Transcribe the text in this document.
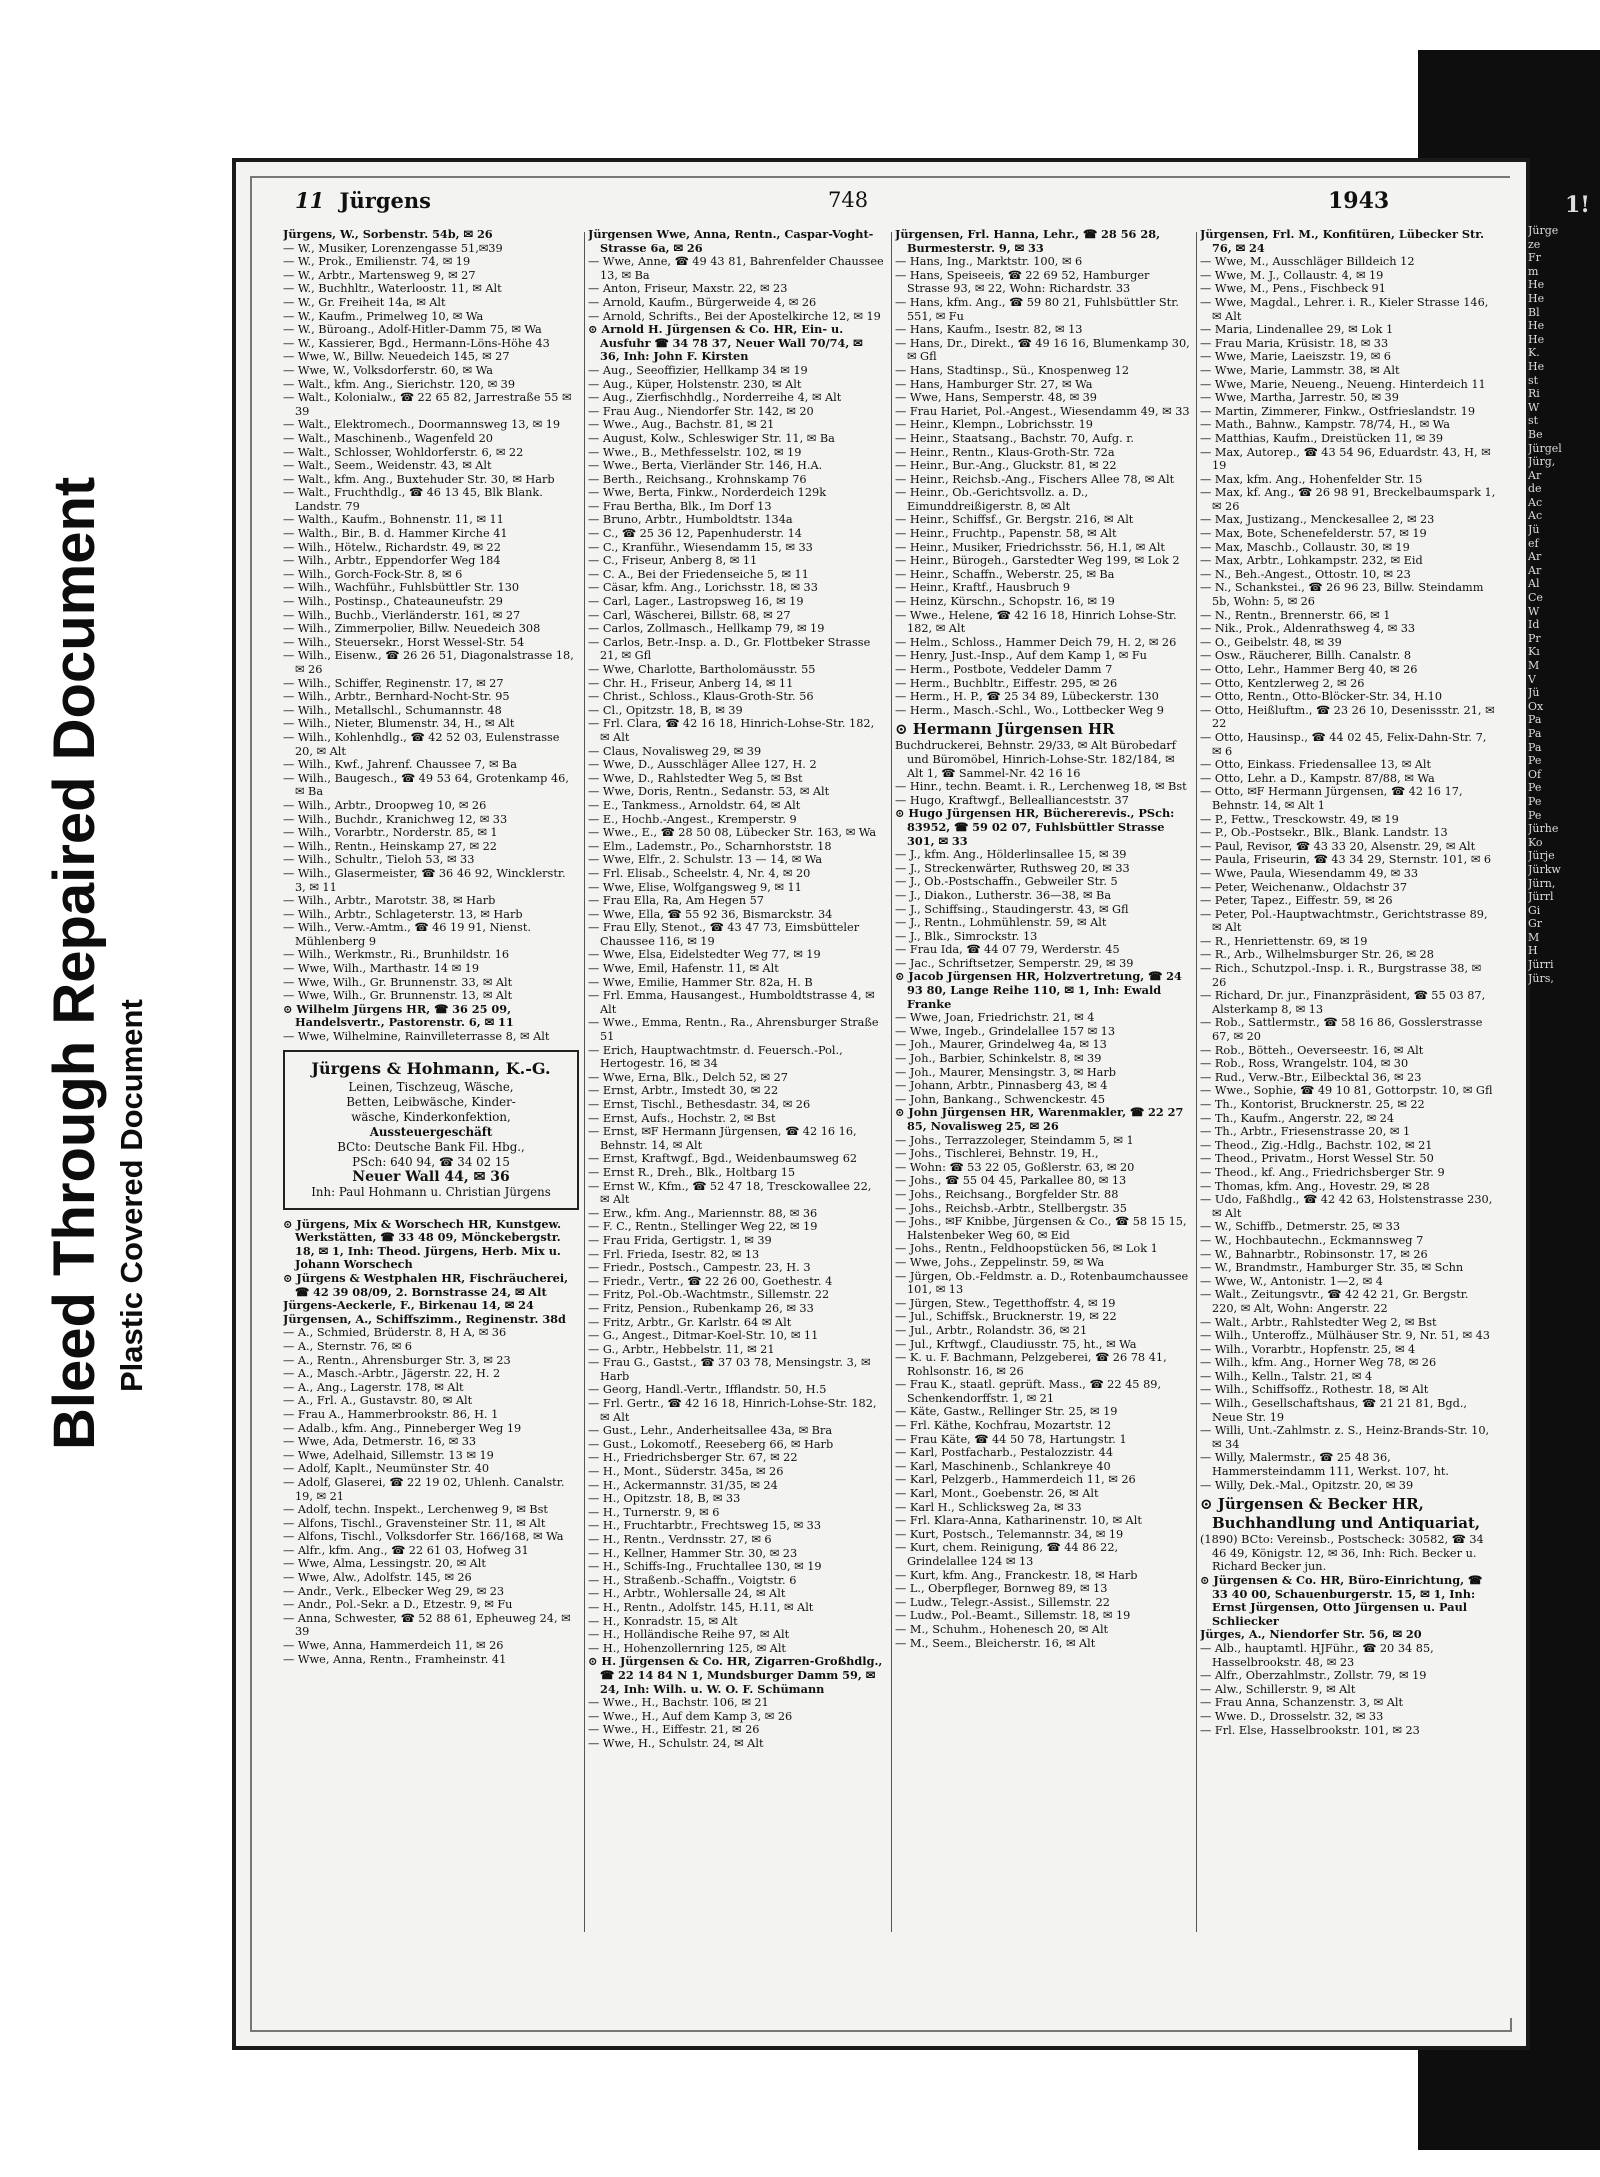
Bleed Through Repaired Document Plastic Covered Document
11 Jürgens	748	1943

Jürgens, W., Sorbenstr. 54b, ✉ 26

— W., Musiker, Lorenzengasse 51,✉39

— W., Prok., Emilienstr. 74, ✉ 19

— W., Arbtr., Martensweg 9, ✉ 27

— W., Buchhltr., Waterloostr. 11, ✉ Alt

— W., Gr. Freiheit 14a, ✉ Alt

— W., Kaufm., Primelweg 10, ✉ Wa

— W., Büroang., Adolf-Hitler-Damm 75, ✉ Wa

— W., Kassierer, Bgd., Hermann-Löns-Höhe 43

— Wwe, W., Billw. Neuedeich 145, ✉ 27

— Wwe, W., Volksdorferstr. 60, ✉ Wa

— Walt., kfm. Ang., Sierichstr. 120, ✉ 39

— Walt., Kolonialw., ☎ 22 65 82, Jarrestraße 55 ✉ 39

— Walt., Elektromech., Doormannsweg 13, ✉ 19

— Walt., Maschinenb., Wagenfeld 20

— Walt., Schlosser, Wohldorferstr. 6, ✉ 22

— Walt., Seem., Weidenstr. 43, ✉ Alt

— Walt., kfm. Ang., Buxtehuder Str. 30, ✉ Harb

— Walt., Fruchthdlg., ☎ 46 13 45, Blk Blank. Landstr. 79

— Walth., Kaufm., Bohnenstr. 11, ✉ 11

— Walth., Bir., B. d. Hammer Kirche 41

— Wilh., Hötelw., Richardstr. 49, ✉ 22

— Wilh., Arbtr., Eppendorfer Weg 184

— Wilh., Gorch-Fock-Str. 8, ✉ 6

— Wilh., Wachführ., Fuhlsbüttler Str. 130

— Wilh., Postinsp., Chateauneufstr. 29

— Wilh., Buchb., Vierländerstr. 161, ✉ 27

— Wilh., Zimmerpolier, Billw. Neuedeich 308

— Wilh., Steuersekr., Horst Wessel-Str. 54

— Wilh., Eisenw., ☎ 26 26 51, Diagonalstrasse 18, ✉ 26

— Wilh., Schiffer, Reginenstr. 17, ✉ 27

— Wilh., Arbtr., Bernhard-Nocht-Str. 95

— Wilh., Metallschl., Schumannstr. 48

— Wilh., Nieter, Blumenstr. 34, H., ✉ Alt

— Wilh., Kohlenhdlg., ☎ 42 52 03, Eulenstrasse 20, ✉ Alt

— Wilh., Kwf., Jahrenf. Chaussee 7, ✉ Ba

— Wilh., Baugesch., ☎ 49 53 64, Grotenkamp 46, ✉ Ba

— Wilh., Arbtr., Droopweg 10, ✉ 26

— Wilh., Buchdr., Kranichweg 12, ✉ 33

— Wilh., Vorarbtr., Norderstr. 85, ✉ 1

— Wilh., Rentn., Heinskamp 27, ✉ 22

— Wilh., Schultr., Tieloh 53, ✉ 33

— Wilh., Glasermeister, ☎ 36 46 92, Wincklerstr. 3, ✉ 11

— Wilh., Arbtr., Marotstr. 38, ✉ Harb

— Wilh., Arbtr., Schlageterstr. 13, ✉ Harb

— Wilh., Verw.-Amtm., ☎ 46 19 91, Nienst. Mühlenberg 9

— Wilh., Werkmstr., Ri., Brunhildstr. 16

— Wwe, Wilh., Marthastr. 14 ✉ 19

— Wwe, Wilh., Gr. Brunnenstr. 33, ✉ Alt

— Wwe, Wilh., Gr. Brunnenstr. 13, ✉ Alt

⊙ Wilhelm Jürgens HR, ☎ 36 25 09, Handelsvertr., Pastorenstr. 6, ✉ 11

— Wwe, Wilhelmine, Rainvilleterrasse 8, ✉ Alt

Jürgens & Hohmann, K.-G.
Leinen, Tischzeug, Wäsche,
Betten, Leibwäsche, Kinder-
wäsche, Kinderkonfektion,
Aussteuergeschäft
BCto: Deutsche Bank Fil. Hbg.,
PSch: 640 94, ☎ 34 02 15
Neuer Wall 44, ✉ 36
Inh: Paul Hohmann u. Christian Jürgens

⊙ Jürgens, Mix & Worschech HR, Kunstgew. Werkstätten, ☎ 33 48 09, Mönckebergstr. 18, ✉ 1, Inh: Theod. Jürgens, Herb. Mix u. Johann Worschech

⊙ Jürgens & Westphalen HR, Fischräucherei, ☎ 42 39 08/09, 2. Bornstrasse 24, ✉ Alt

Jürgens-Aeckerle, F., Birkenau 14, ✉ 24

Jürgensen, A., Schiffszimm., Reginenstr. 38d

— A., Schmied, Brüderstr. 8, H A, ✉ 36

— A., Sternstr. 76, ✉ 6

— A., Rentn., Ahrensburger Str. 3, ✉ 23

— A., Masch.-Arbtr., Jägerstr. 22, H. 2

— A., Ang., Lagerstr. 178, ✉ Alt

— A., Frl. A., Gustavstr. 80, ✉ Alt

— Frau A., Hammerbrookstr. 86, H. 1

— Adalb., kfm. Ang., Pinneberger Weg 19

— Wwe, Ada, Detmerstr. 16, ✉ 33

— Wwe, Adelhaid, Sillemstr. 13 ✉ 19

— Adolf, Kaplt., Neumünster Str. 40

— Adolf, Glaserei, ☎ 22 19 02, Uhlenh. Canalstr. 19, ✉ 21

— Adolf, techn. Inspekt., Lerchenweg 9, ✉ Bst

— Alfons, Tischl., Gravensteiner Str. 11, ✉ Alt

— Alfons, Tischl., Volksdorfer Str. 166/168, ✉ Wa

— Alfr., kfm. Ang., ☎ 22 61 03, Hofweg 31

— Wwe, Alma, Lessingstr. 20, ✉ Alt

— Wwe, Alw., Adolfstr. 145, ✉ 26

— Andr., Verk., Elbecker Weg 29, ✉ 23

— Andr., Pol.-Sekr. a D., Etzestr. 9, ✉ Fu

— Anna, Schwester, ☎ 52 88 61, Epheuweg 24, ✉ 39

— Wwe, Anna, Hammerdeich 11, ✉ 26

— Wwe, Anna, Rentn., Framheinstr. 41

Jürgensen Wwe, Anna, Rentn., Caspar-Voght-Strasse 6a, ✉ 26

— Wwe, Anne, ☎ 49 43 81, Bahrenfelder Chaussee 13, ✉ Ba

— Anton, Friseur, Maxstr. 22, ✉ 23

— Arnold, Kaufm., Bürgerweide 4, ✉ 26

— Arnold, Schrifts., Bei der Apostelkirche 12, ✉ 19

⊙ Arnold H. Jürgensen & Co. HR, Ein- u. Ausfuhr ☎ 34 78 37, Neuer Wall 70/74, ✉ 36, Inh: John F. Kirsten

— Aug., Seeoffizier, Hellkamp 34 ✉ 19

— Aug., Küper, Holstenstr. 230, ✉ Alt

— Aug., Zierfischhdlg., Norderreihe 4, ✉ Alt

— Frau Aug., Niendorfer Str. 142, ✉ 20

— Wwe., Aug., Bachstr. 81, ✉ 21

— August, Kolw., Schleswiger Str. 11, ✉ Ba

— Wwe., B., Methfesselstr. 102, ✉ 19

— Wwe., Berta, Vierländer Str. 146, H.A.

— Berth., Reichsang., Krohnskamp 76

— Wwe, Berta, Finkw., Norderdeich 129k

— Frau Bertha, Blk., Im Dorf 13

— Bruno, Arbtr., Humboldtstr. 134a

— C., ☎ 25 36 12, Papenhuderstr. 14

— C., Kranführ., Wiesendamm 15, ✉ 33

— C., Friseur, Anberg 8, ✉ 11

— C. A., Bei der Friedenseiche 5, ✉ 11

— Cäsar, kfm. Ang., Lorichsstr. 18, ✉ 33

— Carl, Lager., Lastropsweg 16, ✉ 19

— Carl, Wäscherei, Billstr. 68, ✉ 27

— Carlos, Zollmasch., Hellkamp 79, ✉ 19

— Carlos, Betr.-Insp. a. D., Gr. Flottbeker Strasse 21, ✉ Gfl

— Wwe, Charlotte, Bartholomäusstr. 55

— Chr. H., Friseur, Anberg 14, ✉ 11

— Christ., Schloss., Klaus-Groth-Str. 56

— Cl., Opitzstr. 18, B, ✉ 39

— Frl. Clara, ☎ 42 16 18, Hinrich-Lohse-Str. 182, ✉ Alt

— Claus, Novalisweg 29, ✉ 39

— Wwe, D., Ausschläger Allee 127, H. 2

— Wwe, D., Rahlstedter Weg 5, ✉ Bst

— Wwe, Doris, Rentn., Sedanstr. 53, ✉ Alt

— E., Tankmess., Arnoldstr. 64, ✉ Alt

— E., Hochb.-Angest., Kremperstr. 9

— Wwe., E., ☎ 28 50 08, Lübecker Str. 163, ✉ Wa

— Elm., Lademstr., Po., Scharnhorststr. 18

— Wwe, Elfr., 2. Schulstr. 13 — 14, ✉ Wa

— Frl. Elisab., Scheelstr. 4, Nr. 4, ✉ 20

— Wwe, Elise, Wolfgangsweg 9, ✉ 11

— Frau Ella, Ra, Am Hegen 57

— Wwe, Ella, ☎ 55 92 36, Bismarckstr. 34

— Frau Elly, Stenot., ☎ 43 47 73, Eimsbütteler Chaussee 116, ✉ 19

— Wwe, Elsa, Eidelstedter Weg 77, ✉ 19

— Wwe, Emil, Hafenstr. 11, ✉ Alt

— Wwe, Emilie, Hammer Str. 82a, H. B

— Frl. Emma, Hausangest., Humboldtstrasse 4, ✉ Alt

— Wwe., Emma, Rentn., Ra., Ahrensburger Straße 51

— Erich, Hauptwachtmstr. d. Feuersch.-Pol., Hertogestr. 16, ✉ 34

— Wwe, Erna, Blk., Delch 52, ✉ 27

— Ernst, Arbtr., Imstedt 30, ✉ 22

— Ernst, Tischl., Bethesdastr. 34, ✉ 26

— Ernst, Aufs., Hochstr. 2, ✉ Bst

— Ernst, ✉F Hermann Jürgensen, ☎ 42 16 16, Behnstr. 14, ✉ Alt

— Ernst, Kraftwgf., Bgd., Weidenbaumsweg 62

— Ernst R., Dreh., Blk., Holtbarg 15

— Ernst W., Kfm., ☎ 52 47 18, Tresckowallee 22, ✉ Alt

— Erw., kfm. Ang., Mariennstr. 88, ✉ 36

— F. C., Rentn., Stellinger Weg 22, ✉ 19

— Frau Frida, Gertigstr. 1, ✉ 39

— Frl. Frieda, Isestr. 82, ✉ 13

— Friedr., Postsch., Campestr. 23, H. 3

— Friedr., Vertr., ☎ 22 26 00, Goethestr. 4

— Fritz, Pol.-Ob.-Wachtmstr., Sillemstr. 22

— Fritz, Pension., Rubenkamp 26, ✉ 33

— Fritz, Arbtr., Gr. Karlstr. 64 ✉ Alt

— G., Angest., Ditmar-Koel-Str. 10, ✉ 11

— G., Arbtr., Hebbelstr. 11, ✉ 21

— Frau G., Gastst., ☎ 37 03 78, Mensingstr. 3, ✉ Harb

— Georg, Handl.-Vertr., Ifflandstr. 50, H.5

— Frl. Gertr., ☎ 42 16 18, Hinrich-Lohse-Str. 182, ✉ Alt

— Gust., Lehr., Anderheitsallee 43a, ✉ Bra

— Gust., Lokomotf., Reeseberg 66, ✉ Harb

— H., Friedrichsberger Str. 67, ✉ 22

— H., Mont., Süderstr. 345a, ✉ 26

— H., Ackermannstr. 31/35, ✉ 24

— H., Opitzstr. 18, B, ✉ 33

— H., Turnerstr. 9, ✉ 6

— H., Fruchtarbtr., Frechtsweg 15, ✉ 33

— H., Rentn., Verdnsstr. 27, ✉ 6

— H., Kellner, Hammer Str. 30, ✉ 23

— H., Schiffs-Ing., Fruchtallee 130, ✉ 19

— H., Straßenb.-Schaffn., Voigtstr. 6

— H., Arbtr., Wohlersalle 24, ✉ Alt

— H., Rentn., Adolfstr. 145, H.11, ✉ Alt

— H., Konradstr. 15, ✉ Alt

— H., Holländische Reihe 97, ✉ Alt

— H., Hohenzollernring 125, ✉ Alt

⊙ H. Jürgensen & Co. HR, Zigarren-Großhdlg., ☎ 22 14 84 N 1, Mundsburger Damm 59, ✉ 24, Inh: Wilh. u. W. O. F. Schümann

— Wwe., H., Bachstr. 106, ✉ 21

— Wwe., H., Auf dem Kamp 3, ✉ 26

— Wwe., H., Eiffestr. 21, ✉ 26

— Wwe, H., Schulstr. 24, ✉ Alt

Jürgensen, Frl. Hanna, Lehr., ☎ 28 56 28, Burmesterstr. 9, ✉ 33

— Hans, Ing., Marktstr. 100, ✉ 6

— Hans, Speiseeis, ☎ 22 69 52, Hamburger Strasse 93, ✉ 22, Wohn: Richardstr. 33

— Hans, kfm. Ang., ☎ 59 80 21, Fuhlsbüttler Str. 551, ✉ Fu

— Hans, Kaufm., Isestr. 82, ✉ 13

— Hans, Dr., Direkt., ☎ 49 16 16, Blumenkamp 30, ✉ Gfl

— Hans, Stadtinsp., Sü., Knospenweg 12

— Hans, Hamburger Str. 27, ✉ Wa

— Wwe, Hans, Semperstr. 48, ✉ 39

— Frau Hariet, Pol.-Angest., Wiesendamm 49, ✉ 33

— Heinr., Klempn., Lobrichsstr. 19

— Heinr., Staatsang., Bachstr. 70, Aufg. r.

— Heinr., Rentn., Klaus-Groth-Str. 72a

— Heinr., Bur.-Ang., Gluckstr. 81, ✉ 22

— Heinr., Reichsb.-Ang., Fischers Allee 78, ✉ Alt

— Heinr., Ob.-Gerichtsvollz. a. D., Eimunddreißigerstr. 8, ✉ Alt

— Heinr., Schiffsf., Gr. Bergstr. 216, ✉ Alt

— Heinr., Fruchtp., Papenstr. 58, ✉ Alt

— Heinr., Musiker, Friedrichsstr. 56, H.1, ✉ Alt

— Heinr., Bürogeh., Garstedter Weg 199, ✉ Lok 2

— Heinr., Schaffn., Weberstr. 25, ✉ Ba

— Heinr., Kraftf., Hausbruch 9

— Heinz, Kürschn., Schopstr. 16, ✉ 19

— Wwe., Helene, ☎ 42 16 18, Hinrich Lohse-Str. 182, ✉ Alt

— Helm., Schloss., Hammer Deich 79, H. 2, ✉ 26

— Henry, Just.-Insp., Auf dem Kamp 1, ✉ Fu

— Herm., Postbote, Veddeler Damm 7

— Herm., Buchbltr., Eiffestr. 295, ✉ 26

— Herm., H. P., ☎ 25 34 89, Lübeckerstr. 130

— Herm., Masch.-Schl., Wo., Lottbecker Weg 9

⊙ Hermann Jürgensen HR

Buchdruckerei, Behnstr. 29/33, ✉ Alt Bürobedarf und Büromöbel, Hinrich-Lohse-Str. 182/184, ✉ Alt 1, ☎ Sammel-Nr. 42 16 16

— Hinr., techn. Beamt. i. R., Lerchenweg 18, ✉ Bst

— Hugo, Kraftwgf., Belleallianceststr. 37

⊙ Hugo Jürgensen HR, Büchererevis., PSch: 83952, ☎ 59 02 07, Fuhlsbüttler Strasse 301, ✉ 33

— J., kfm. Ang., Hölderlinsallee 15, ✉ 39

— J., Streckenwärter, Ruthsweg 20, ✉ 33

— J., Ob.-Postschaffn., Gebweiler Str. 5

— J., Diakon., Lutherstr. 36—38, ✉ Ba

— J., Schiffsing., Staudingerstr. 43, ✉ Gfl

— J., Rentn., Lohmühlenstr. 59, ✉ Alt

— J., Blk., Simrockstr. 13

— Frau Ida, ☎ 44 07 79, Werderstr. 45

— Jac., Schriftsetzer, Semperstr. 29, ✉ 39

⊙ Jacob Jürgensen HR, Holzvertretung, ☎ 24 93 80, Lange Reihe 110, ✉ 1, Inh: Ewald Franke

— Wwe, Joan, Friedrichstr. 21, ✉ 4

— Wwe, Ingeb., Grindelallee 157 ✉ 13

— Joh., Maurer, Grindelweg 4a, ✉ 13

— Joh., Barbier, Schinkelstr. 8, ✉ 39

— Joh., Maurer, Mensingstr. 3, ✉ Harb

— Johann, Arbtr., Pinnasberg 43, ✉ 4

— John, Bankang., Schwenckestr. 45

⊙ John Jürgensen HR, Warenmakler, ☎ 22 27 85, Novalisweg 25, ✉ 26

— Johs., Terrazzoleger, Steindamm 5, ✉ 1

— Johs., Tischlerei, Behnstr. 19, H.,

— Wohn: ☎ 53 22 05, Goßlerstr. 63, ✉ 20

— Johs., ☎ 55 04 45, Parkallee 80, ✉ 13

— Johs., Reichsang., Borgfelder Str. 88

— Johs., Reichsb.-Arbtr., Stellbergstr. 35

— Johs., ✉F Knibbe, Jürgensen & Co., ☎ 58 15 15, Halstenbeker Weg 60, ✉ Eid

— Johs., Rentn., Feldhoopstücken 56, ✉ Lok 1

— Wwe, Johs., Zeppelinstr. 59, ✉ Wa

— Jürgen, Ob.-Feldmstr. a. D., Rotenbaumchaussee 101, ✉ 13

— Jürgen, Stew., Tegetthoffstr. 4, ✉ 19

— Jul., Schiffsk., Brucknerstr. 19, ✉ 22

— Jul., Arbtr., Rolandstr. 36, ✉ 21

— Jul., Krftwgf., Claudiusstr. 75, ht., ✉ Wa

— K. u. F. Bachmann, Pelzgeberei, ☎ 26 78 41, Rohlsonstr. 16, ✉ 26

— Frau K., staatl. geprüft. Mass., ☎ 22 45 89, Schenkendorffstr. 1, ✉ 21

— Käte, Gastw., Rellinger Str. 25, ✉ 19

— Frl. Käthe, Kochfrau, Mozartstr. 12

— Frau Käte, ☎ 44 50 78, Hartungstr. 1

— Karl, Postfacharb., Pestalozzistr. 44

— Karl, Maschinenb., Schlankreye 40

— Karl, Pelzgerb., Hammerdeich 11, ✉ 26

— Karl, Mont., Goebenstr. 26, ✉ Alt

— Karl H., Schlicksweg 2a, ✉ 33

— Frl. Klara-Anna, Katharinenstr. 10, ✉ Alt

— Kurt, Postsch., Telemannstr. 34, ✉ 19

— Kurt, chem. Reinigung, ☎ 44 86 22, Grindelallee 124 ✉ 13

— Kurt, kfm. Ang., Franckestr. 18, ✉ Harb

— L., Oberpfleger, Bornweg 89, ✉ 13

— Ludw., Telegr.-Assist., Sillemstr. 22

— Ludw., Pol.-Beamt., Sillemstr. 18, ✉ 19

— M., Schuhm., Hohenesch 20, ✉ Alt

— M., Seem., Bleicherstr. 16, ✉ Alt

Jürgensen, Frl. M., Konfitüren, Lübecker Str. 76, ✉ 24

— Wwe, M., Ausschläger Billdeich 12

— Wwe, M. J., Collaustr. 4, ✉ 19

— Wwe, M., Pens., Fischbeck 91

— Wwe, Magdal., Lehrer. i. R., Kieler Strasse 146, ✉ Alt

— Maria, Lindenallee 29, ✉ Lok 1

— Frau Maria, Krüsistr. 18, ✉ 33

— Wwe, Marie, Laeiszstr. 19, ✉ 6

— Wwe, Marie, Lammstr. 38, ✉ Alt

— Wwe, Marie, Neueng., Neueng. Hinterdeich 11

— Wwe, Martha, Jarrestr. 50, ✉ 39

— Martin, Zimmerer, Finkw., Ostfrieslandstr. 19

— Math., Bahnw., Kampstr. 78/74, H., ✉ Wa

— Matthias, Kaufm., Dreistücken 11, ✉ 39

— Max, Autorep., ☎ 43 54 96, Eduardstr. 43, H, ✉ 19

— Max, kfm. Ang., Hohenfelder Str. 15

— Max, kf. Ang., ☎ 26 98 91, Breckelbaumspark 1, ✉ 26

— Max, Justizang., Menckesallee 2, ✉ 23

— Max, Bote, Schenefelderstr. 57, ✉ 19

— Max, Maschb., Collaustr. 30, ✉ 19

— Max, Arbtr., Lohkampstr. 232, ✉ Eid

— N., Beh.-Angest., Ottostr. 10, ✉ 23

— N., Schankstei., ☎ 26 96 23, Billw. Steindamm 5b, Wohn: 5, ✉ 26

— N., Rentn., Brennerstr. 66, ✉ 1

— Nik., Prok., Aldenrathsweg 4, ✉ 33

— O., Geibelstr. 48, ✉ 39

— Osw., Räucherer, Billh. Canalstr. 8

— Otto, Lehr., Hammer Berg 40, ✉ 26

— Otto, Kentzlerweg 2, ✉ 26

— Otto, Rentn., Otto-Blöcker-Str. 34, H.10

— Otto, Heißluftm., ☎ 23 26 10, Desenissstr. 21, ✉ 22

— Otto, Hausinsp., ☎ 44 02 45, Felix-Dahn-Str. 7, ✉ 6

— Otto, Einkass. Friedensallee 13, ✉ Alt

— Otto, Lehr. a D., Kampstr. 87/88, ✉ Wa

— Otto, ✉F Hermann Jürgensen, ☎ 42 16 17, Behnstr. 14, ✉ Alt 1

— P., Fettw., Tresckowstr. 49, ✉ 19

— P., Ob.-Postsekr., Blk., Blank. Landstr. 13

— Paul, Revisor, ☎ 43 33 20, Alsenstr. 29, ✉ Alt

— Paula, Friseurin, ☎ 43 34 29, Sternstr. 101, ✉ 6

— Wwe, Paula, Wiesendamm 49, ✉ 33

— Peter, Weichenanw., Oldachstr 37

— Peter, Tapez., Eiffestr. 59, ✉ 26

— Peter, Pol.-Hauptwachtmstr., Gerichtstrasse 89, ✉ Alt

— R., Henriettenstr. 69, ✉ 19

— R., Arb., Wilhelmsburger Str. 26, ✉ 28

— Rich., Schutzpol.-Insp. i. R., Burgstrasse 38, ✉ 26

— Richard, Dr. jur., Finanzpräsident, ☎ 55 03 87, Alsterkamp 8, ✉ 13

— Rob., Sattlermstr., ☎ 58 16 86, Gosslerstrasse 67, ✉ 20

— Rob., Bötteh., Oeverseestr. 16, ✉ Alt

— Rob., Ross, Wrangelstr. 104, ✉ 30

— Rud., Verw.-Btr., Eilbecktal 36, ✉ 23

— Wwe., Sophie, ☎ 49 10 81, Gottorpstr. 10, ✉ Gfl

— Th., Kontorist, Brucknerstr. 25, ✉ 22

— Th., Kaufm., Angerstr. 22, ✉ 24

— Th., Arbtr., Friesenstrasse 20, ✉ 1

— Theod., Zig.-Hdlg., Bachstr. 102, ✉ 21

— Theod., Privatm., Horst Wessel Str. 50

— Theod., kf. Ang., Friedrichsberger Str. 9

— Thomas, kfm. Ang., Hovestr. 29, ✉ 28

— Udo, Faßhdlg., ☎ 42 42 63, Holstenstrasse 230, ✉ Alt

— W., Schiffb., Detmerstr. 25, ✉ 33

— W., Hochbautechn., Eckmannsweg 7

— W., Bahnarbtr., Robinsonstr. 17, ✉ 26

— W., Brandmstr., Hamburger Str. 35, ✉ Schn

— Wwe, W., Antonistr. 1—2, ✉ 4

— Walt., Zeitungsvtr., ☎ 42 42 21, Gr. Bergstr. 220, ✉ Alt, Wohn: Angerstr. 22

— Walt., Arbtr., Rahlstedter Weg 2, ✉ Bst

— Wilh., Unteroffz., Mülhäuser Str. 9, Nr. 51, ✉ 43

— Wilh., Vorarbtr., Hopfenstr. 25, ✉ 4

— Wilh., kfm. Ang., Horner Weg 78, ✉ 26

— Wilh., Kelln., Talstr. 21, ✉ 4

— Wilh., Schiffsoffz., Rothestr. 18, ✉ Alt

— Wilh., Gesellschaftshaus, ☎ 21 21 81, Bgd., Neue Str. 19

— Willi, Unt.-Zahlmstr. z. S., Heinz-Brands-Str. 10, ✉ 34

— Willy, Malermstr., ☎ 25 48 36, Hammersteindamm 111, Werkst. 107, ht.

— Willy, Dek.-Mal., Opitzstr. 20, ✉ 39

⊙ Jürgensen & Becker HR, Buchhandlung und Antiquariat,

(1890) BCto: Vereinsb., Postscheck: 30582, ☎ 34 46 49, Königstr. 12, ✉ 36, Inh: Rich. Becker u. Richard Becker jun.

⊙ Jürgensen & Co. HR, Büro-Einrichtung, ☎ 33 40 00, Schauenburgerstr. 15, ✉ 1, Inh: Ernst Jürgensen, Otto Jürgensen u. Paul Schliecker

Jürges, A., Niendorfer Str. 56, ✉ 20

— Alb., hauptamtl. HJFühr., ☎ 20 34 85, Hasselbrookstr. 48, ✉ 23

— Alfr., Oberzahlmstr., Zollstr. 79, ✉ 19

— Alw., Schillerstr. 9, ✉ Alt

— Frau Anna, Schanzenstr. 3, ✉ Alt

— Wwe. D., Drosselstr. 32, ✉ 33

— Frl. Else, Hasselbrookstr. 101, ✉ 23

1!
Jürge
ze
Fr
m
He
He
Bl
He
He
K.
He
st
Ri
W
st
Be
Jürgel
Jürg,
Ar
de
Ac
Ac
Jü
ef
Ar
Ar
Al
Ce
W
Id
Pr
Kı
M
V
Jü
Ox
Pa
Pa
Pa
Pe
Of
Pe
Pe
Pe
Jürhe
Ko
Jürje
Jürkw
Jürn,
Jürrl
Gi
Gr
M
H
Jürri
Jürs,
